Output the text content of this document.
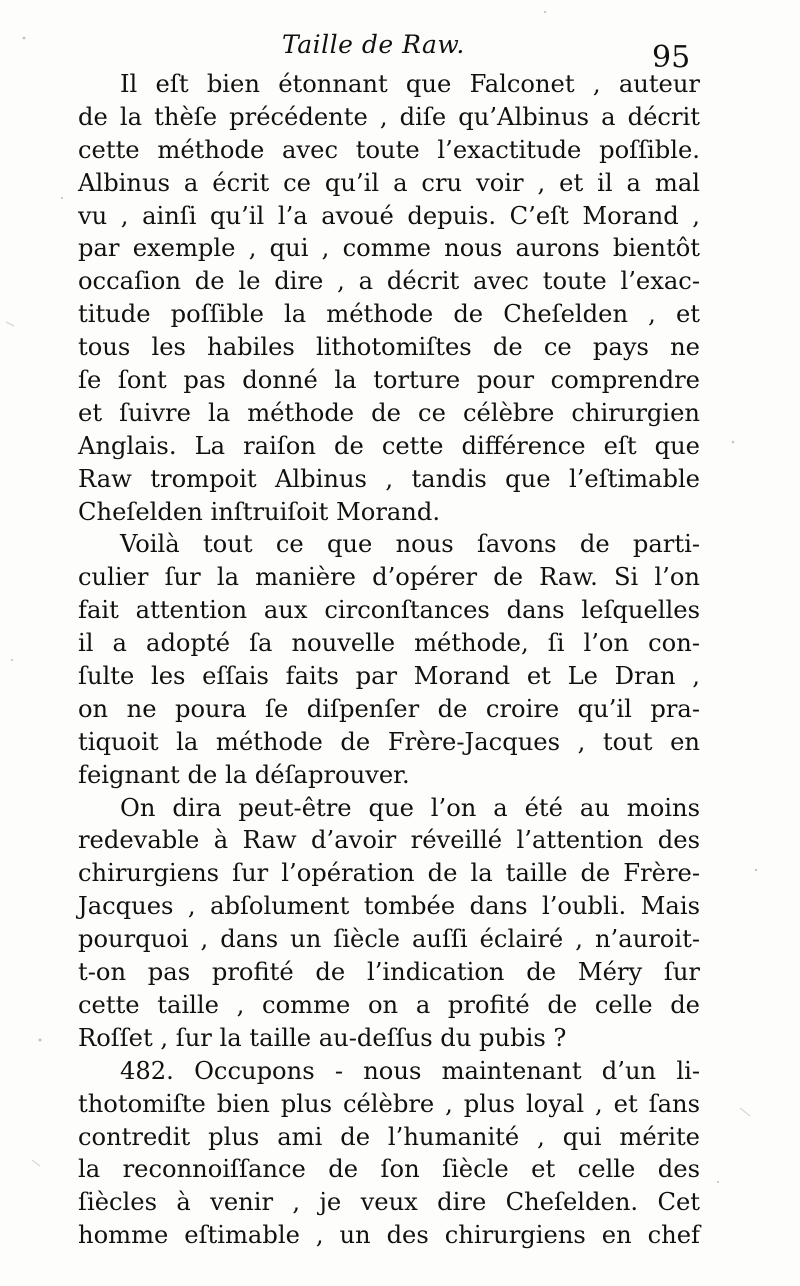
Taille de Raw.	95
Il eſt bien étonnant que Falconet , auteur
de la thèſe précédente , diſe qu’Albinus a décrit
cette méthode avec toute l’exactitude poſſible.
Albinus a écrit ce qu’il a cru voir , et il a mal
vu , ainſi qu’il l’a avoué depuis. C’eſt Morand ,
par exemple , qui , comme nous aurons bientôt
occaſion de le dire , a décrit avec toute l’exac-
titude poſſible la méthode de Cheſelden , et
tous les habiles lithotomiſtes de ce pays ne
ſe ſont pas donné la torture pour comprendre
et ſuivre la méthode de ce célèbre chirurgien
Anglais. La raiſon de cette différence eſt que
Raw trompoit Albinus , tandis que l’eſtimable
Cheſelden inſtruiſoit Morand.
Voilà tout ce que nous ſavons de parti-
culier ſur la manière d’opérer de Raw. Si l’on
fait attention aux circonſtances dans leſquelles
il a adopté ſa nouvelle méthode, ſi l’on con-
ſulte les eſſais faits par Morand et Le Dran ,
on ne poura ſe diſpenſer de croire qu’il pra-
tiquoit la méthode de Frère-Jacques , tout en
feignant de la déſaprouver.
On dira peut-être que l’on a été au moins
redevable à Raw d’avoir réveillé l’attention des
chirurgiens ſur l’opération de la taille de Frère-
Jacques , abſolument tombée dans l’oubli. Mais
pourquoi , dans un ſiècle auſſi éclairé , n’auroit-
t-on pas profité de l’indication de Méry ſur
cette taille , comme on a profité de celle de
Roſſet , ſur la taille au-deſſus du pubis ?
482. Occupons - nous maintenant d’un li-
thotomiſte bien plus célèbre , plus loyal , et ſans
contredit plus ami de l’humanité , qui mérite
la reconnoiſſance de ſon ſiècle et celle des
ſiècles à venir , je veux dire Cheſelden. Cet
homme eſtimable , un des chirurgiens en chef
